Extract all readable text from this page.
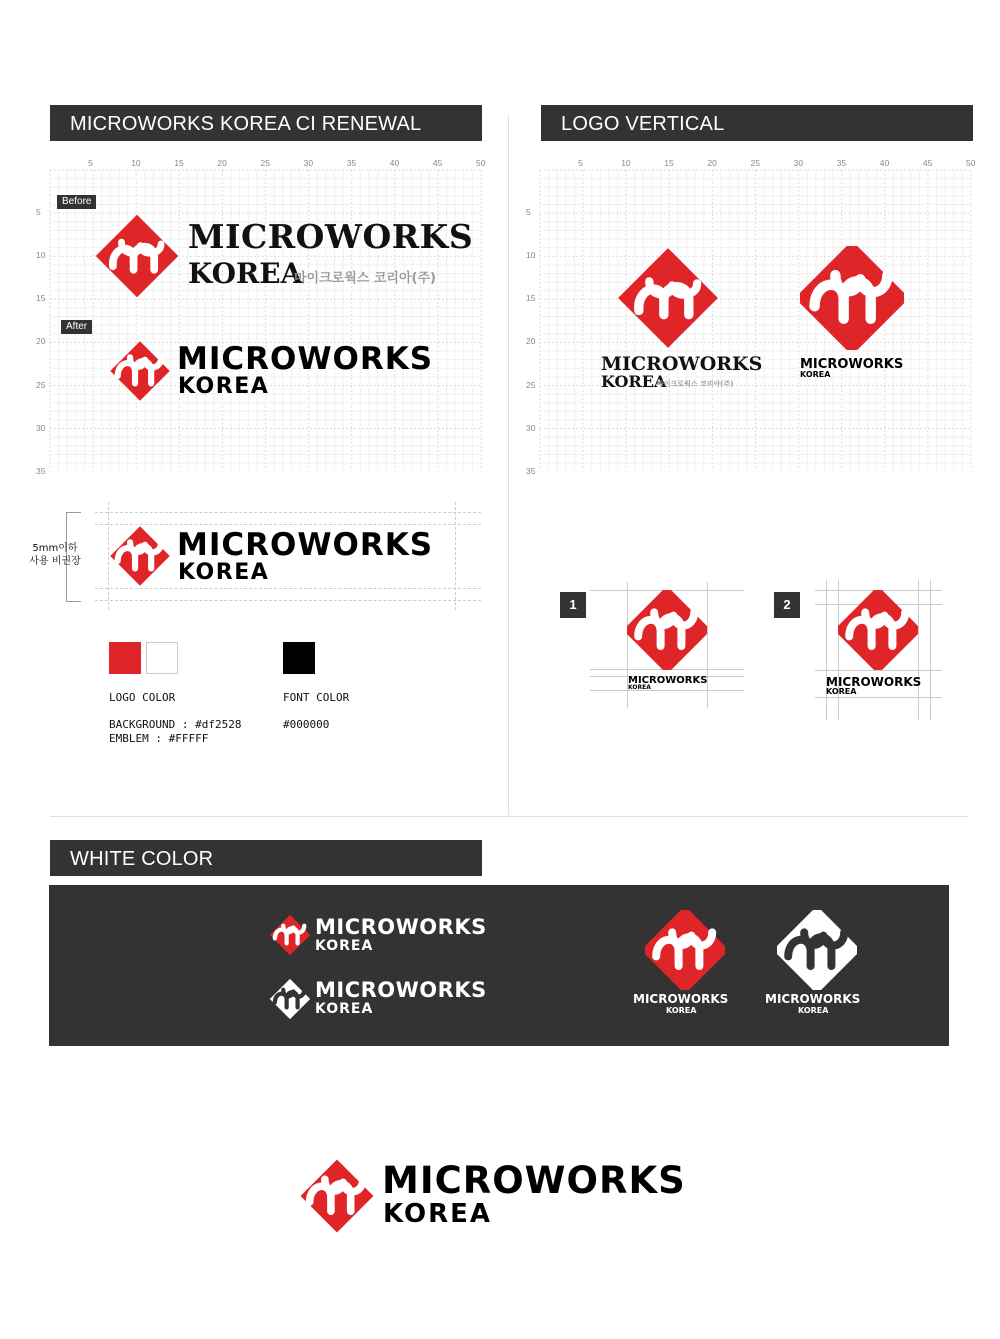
MICROWORKS KOREA CI RENEWAL	LOGO VERTICAL
WHITE COLOR
5	10	15	20	25	30	35	40	45	50
5
10
15
20
25
30
35
5	10	15	20	25	30	35	40	45	50
5
10
15
20
25
30
35
Before
MICROWORKS
KOREA
마이크로웍스 코리아(주)
After
MICROWORKS
KOREA
5mm이하
사용 비권장	MICROWORKS
KOREA
LOGO COLOR	FONT COLOR
BACKGROUND : #df2528
EMBLEM : #FFFFF
#000000
MICROWORKS
KOREA
마이크로웍스 코리아(주)
MICROWORKS
KOREA
1	2
MICROWORKS
KOREA	MICROWORKS
KOREA
MICROWORKS
KOREA
MICROWORKS
KOREA
MICROWORKS
KOREA
MICROWORKS
KOREA
MICROWORKS
KOREA
